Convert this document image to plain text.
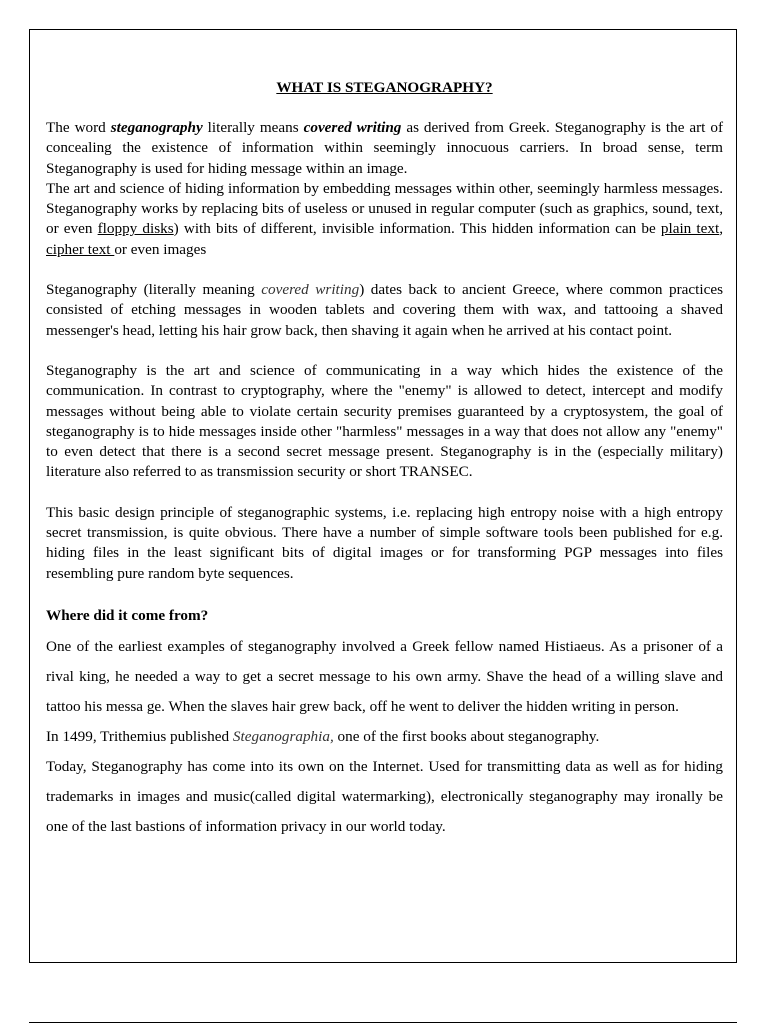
WHAT IS STEGANOGRAPHY?

The word steganography literally means covered writing as derived from Greek. Steganography is the art of concealing the existence of information within seemingly innocuous carriers. In broad sense, term Steganography is used for hiding message within an image.

The art and science of hiding information by embedding messages within other, seemingly harmless messages. Steganography works by replacing bits of useless or unused in regular computer (such as graphics, sound, text, or even floppy disks) with bits of different, invisible information. This hidden information can be plain text, cipher text or even images

Steganography (literally meaning covered writing) dates back to ancient Greece, where common practices consisted of etching messages in wooden tablets and covering them with wax, and tattooing a shaved messenger's head, letting his hair grow back, then shaving it again when he arrived at his contact point.

Steganography is the art and science of communicating in a way which hides the existence of the communication. In contrast to cryptography, where the "enemy" is allowed to detect, intercept and modify messages without being able to violate certain security premises guaranteed by a cryptosystem, the goal of steganography is to hide messages inside other "harmless" messages in a way that does not allow any "enemy" to even detect that there is a second secret message present. Steganography is in the (especially military) literature also referred to as transmission security or short TRANSEC.

This basic design principle of steganographic systems, i.e. replacing high entropy noise with a high entropy secret transmission, is quite obvious. There have a number of simple software tools been published for e.g. hiding files in the least significant bits of digital images or for transforming PGP messages into files resembling pure random byte sequences.

Where did it come from?

One of the earliest examples of steganography involved a Greek fellow named Histiaeus. As a prisoner of a rival king, he needed a way to get a secret message to his own army. Shave the head of a willing slave and tattoo his messa ge. When the slaves hair grew back, off he went to deliver the hidden writing in person.

In 1499, Trithemius published Steganographia, one of the first books about steganography.

Today, Steganography has come into its own on the Internet. Used for transmitting data as well as for hiding trademarks in images and music(called digital watermarking), electronically steganography may ironally be one of the last bastions of information privacy in our world today.
